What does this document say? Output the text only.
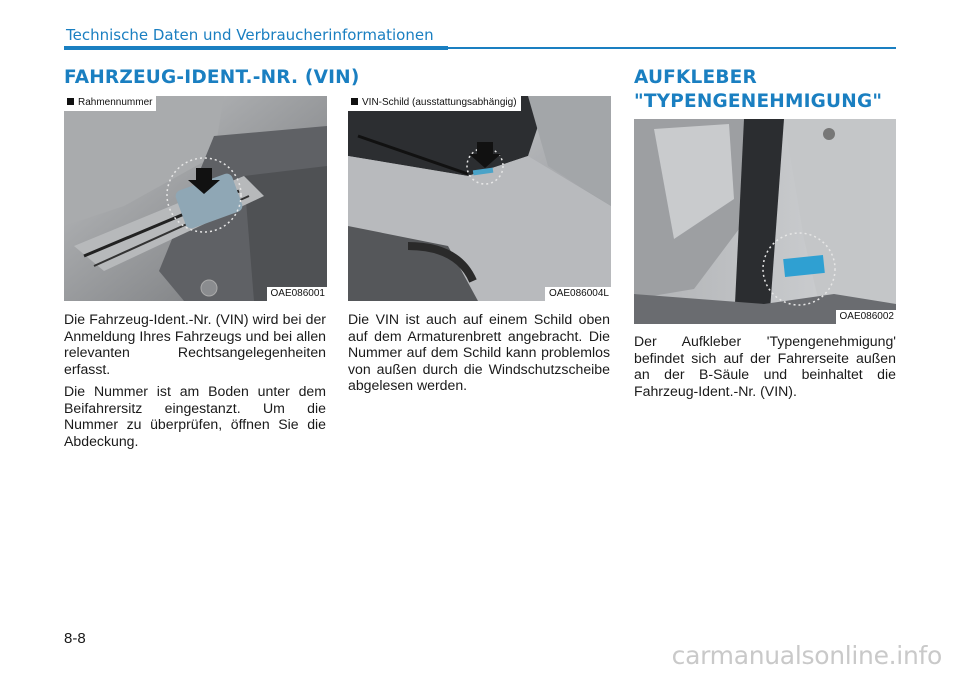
Technische Daten und Verbraucherinformationen
FAHRZEUG-IDENT.-NR. (VIN)
Rahmennummer
OAE086001
VIN-Schild (ausstattungsabhängig)
OAE086004L
AUFKLEBER
"TYPENGENEHMIGUNG"
OAE086002

Die Fahrzeug-Ident.-Nr. (VIN) wird bei der Anmeldung Ihres Fahrzeugs und bei allen relevanten Rechtsangelegenheiten erfasst.

Die Nummer ist am Boden unter dem Beifahrersitz eingestanzt. Um die Nummer zu überprüfen, öffnen Sie die Abdeckung.

Die VIN ist auch auf einem Schild oben auf dem Armaturenbrett angebracht. Die Nummer auf dem Schild kann problemlos von außen durch die Windschutzscheibe abgelesen werden.

Der Aufkleber 'Typengenehmigung' befindet sich auf der Fahrerseite außen an der B-Säule und beinhaltet die Fahrzeug-Ident.-Nr. (VIN).

8-8
carmanualsonline.info
